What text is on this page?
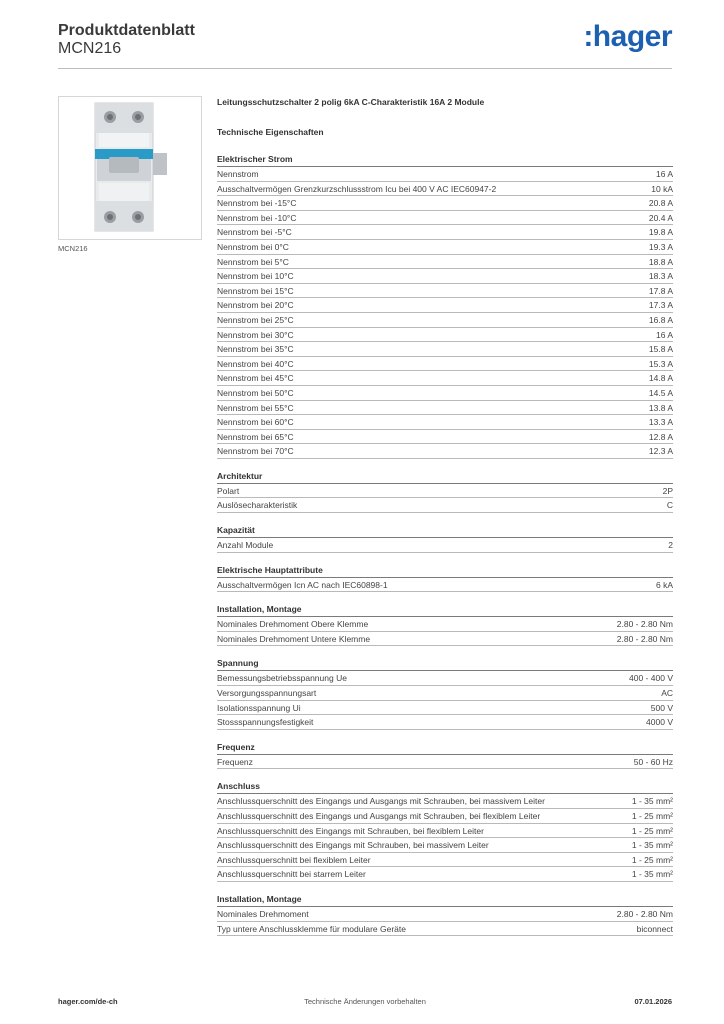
Produktdatenblatt
MCN216	:hager
MCN216
Leitungsschutzschalter 2 polig 6kA C-Charakteristik 16A 2 Module
Technische Eigenschaften
Elektrischer Strom
Nennstrom	16 A
Ausschaltvermögen Grenzkurzschlussstrom Icu bei 400 V AC IEC60947-2	10 kA
Nennstrom bei -15°C	20.8 A
Nennstrom bei -10°C	20.4 A
Nennstrom bei -5°C	19.8 A
Nennstrom bei 0°C	19.3 A
Nennstrom bei 5°C	18.8 A
Nennstrom bei 10°C	18.3 A
Nennstrom bei 15°C	17.8 A
Nennstrom bei 20°C	17.3 A
Nennstrom bei 25°C	16.8 A
Nennstrom bei 30°C	16 A
Nennstrom bei 35°C	15.8 A
Nennstrom bei 40°C	15.3 A
Nennstrom bei 45°C	14.8 A
Nennstrom bei 50°C	14.5 A
Nennstrom bei 55°C	13.8 A
Nennstrom bei 60°C	13.3 A
Nennstrom bei 65°C	12.8 A
Nennstrom bei 70°C	12.3 A
Architektur
Polart	2P
Auslösecharakteristik	C
Kapazität
Anzahl Module	2
Elektrische Hauptattribute
Ausschaltvermögen Icn AC nach IEC60898-1	6 kA
Installation, Montage
Nominales Drehmoment Obere Klemme	2.80 - 2.80 Nm
Nominales Drehmoment Untere Klemme	2.80 - 2.80 Nm
Spannung
Bemessungsbetriebsspannung Ue	400 - 400 V
Versorgungsspannungsart	AC
Isolationsspannung Ui	500 V
Stossspannungsfestigkeit	4000 V
Frequenz
Frequenz	50 - 60 Hz
Anschluss
Anschlussquerschnitt des Eingangs und Ausgangs mit Schrauben, bei massivem Leiter	1 - 35 mm²
Anschlussquerschnitt des Eingangs und Ausgangs mit Schrauben, bei flexiblem Leiter	1 - 25 mm²
Anschlussquerschnitt des Eingangs mit Schrauben, bei flexiblem Leiter	1 - 25 mm²
Anschlussquerschnitt des Eingangs mit Schrauben, bei massivem Leiter	1 - 35 mm²
Anschlussquerschnitt bei flexiblem Leiter	1 - 25 mm²
Anschlussquerschnitt bei starrem Leiter	1 - 35 mm²
Installation, Montage
Nominales Drehmoment	2.80 - 2.80 Nm
Typ untere Anschlussklemme für modulare Geräte	biconnect
hager.com/de-ch	Technische Änderungen vorbehalten	07.01.2026
